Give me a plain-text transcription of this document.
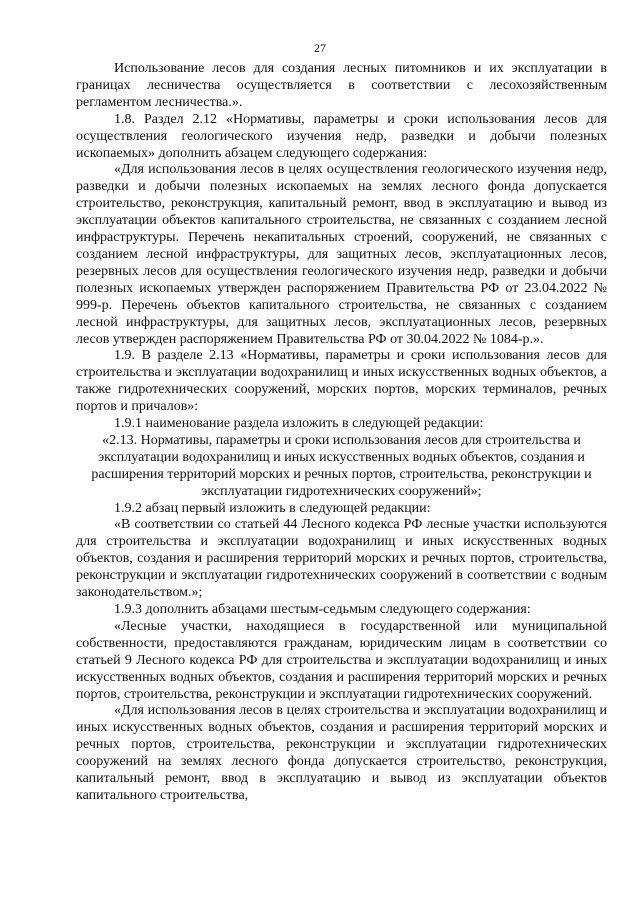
27

Использование лесов для создания лесных питомников и их эксплуатации в границах лесничества осуществляется в соответствии с лесохозяйственным регламентом лесничества.».

1.8. Раздел 2.12 «Нормативы, параметры и сроки использования лесов для осуществления геологического изучения недр, разведки и добычи полезных ископаемых» дополнить абзацем следующего содержания:

«Для использования лесов в целях осуществления геологического изучения недр, разведки и добычи полезных ископаемых на землях лесного фонда допускается строительство, реконструкция, капитальный ремонт, ввод в эксплуатацию и вывод из эксплуатации объектов капитального строительства, не связанных с созданием лесной инфраструктуры. Перечень некапитальных строений, сооружений, не связанных с созданием лесной инфраструктуры, для защитных лесов, эксплуатационных лесов, резервных лесов для осуществления геологического изучения недр, разведки и добычи полезных ископаемых утвержден распоряжением Правительства РФ от 23.04.2022 № 999-р. Перечень объектов капитального строительства, не связанных с созданием лесной инфраструктуры, для защитных лесов, эксплуатационных лесов, резервных лесов утвержден распоряжением Правительства РФ от 30.04.2022 № 1084-р.».

1.9. В разделе 2.13 «Нормативы, параметры и сроки использования лесов для строительства и эксплуатации водохранилищ и иных искусственных водных объектов, а также гидротехнических сооружений, морских портов, морских терминалов, речных портов и причалов»:

1.9.1 наименование раздела изложить в следующей редакции:

«2.13. Нормативы, параметры и сроки использования лесов для строительства и эксплуатации водохранилищ и иных искусственных водных объектов, создания и расширения территорий морских и речных портов, строительства, реконструкции и эксплуатации гидротехнических сооружений»;

1.9.2 абзац первый изложить в следующей редакции:

«В соответствии со статьей 44 Лесного кодекса РФ лесные участки используются для строительства и эксплуатации водохранилищ и иных искусственных водных объектов, создания и расширения территорий морских и речных портов, строительства, реконструкции и эксплуатации гидротехнических сооружений в соответствии с водным законодательством.»;

1.9.3 дополнить абзацами шестым-седьмым следующего содержания:

«Лесные участки, находящиеся в государственной или муниципальной собственности, предоставляются гражданам, юридическим лицам в соответствии со статьей 9 Лесного кодекса РФ для строительства и эксплуатации водохранилищ и иных искусственных водных объектов, создания и расширения территорий морских и речных портов, строительства, реконструкции и эксплуатации гидротехнических сооружений.

«Для использования лесов в целях строительства и эксплуатации водохранилищ и иных искусственных водных объектов, создания и расширения территорий морских и речных портов, строительства, реконструкции и эксплуатации гидротехнических сооружений на землях лесного фонда допускается строительство, реконструкция, капитальный ремонт, ввод в эксплуатацию и вывод из эксплуатации объектов капитального строительства,
